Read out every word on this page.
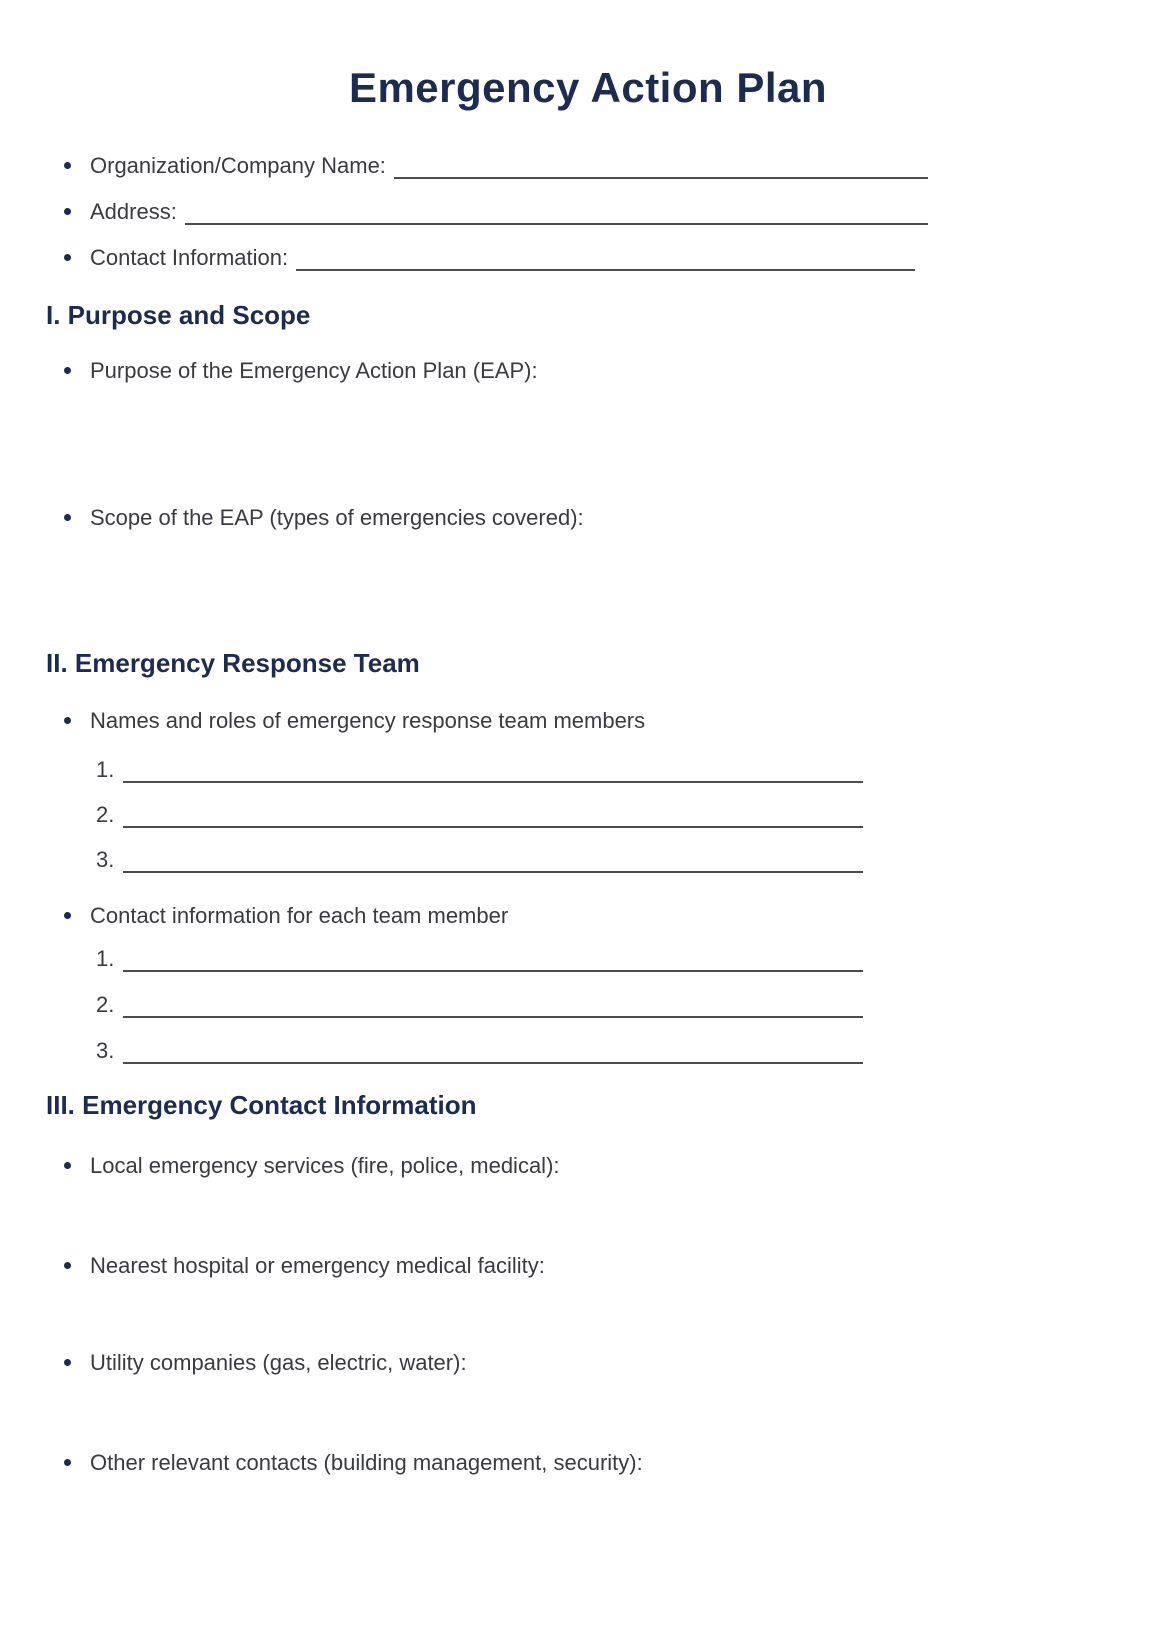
Emergency Action Plan
Organization/Company Name:
Address:
Contact Information:
I. Purpose and Scope
Purpose of the Emergency Action Plan (EAP):
Scope of the EAP (types of emergencies covered):
II. Emergency Response Team
Names and roles of emergency response team members
1.
2.
3.
Contact information for each team member
1.
2.
3.
III. Emergency Contact Information
Local emergency services (fire, police, medical):
Nearest hospital or emergency medical facility:
Utility companies (gas, electric, water):
Other relevant contacts (building management, security):
